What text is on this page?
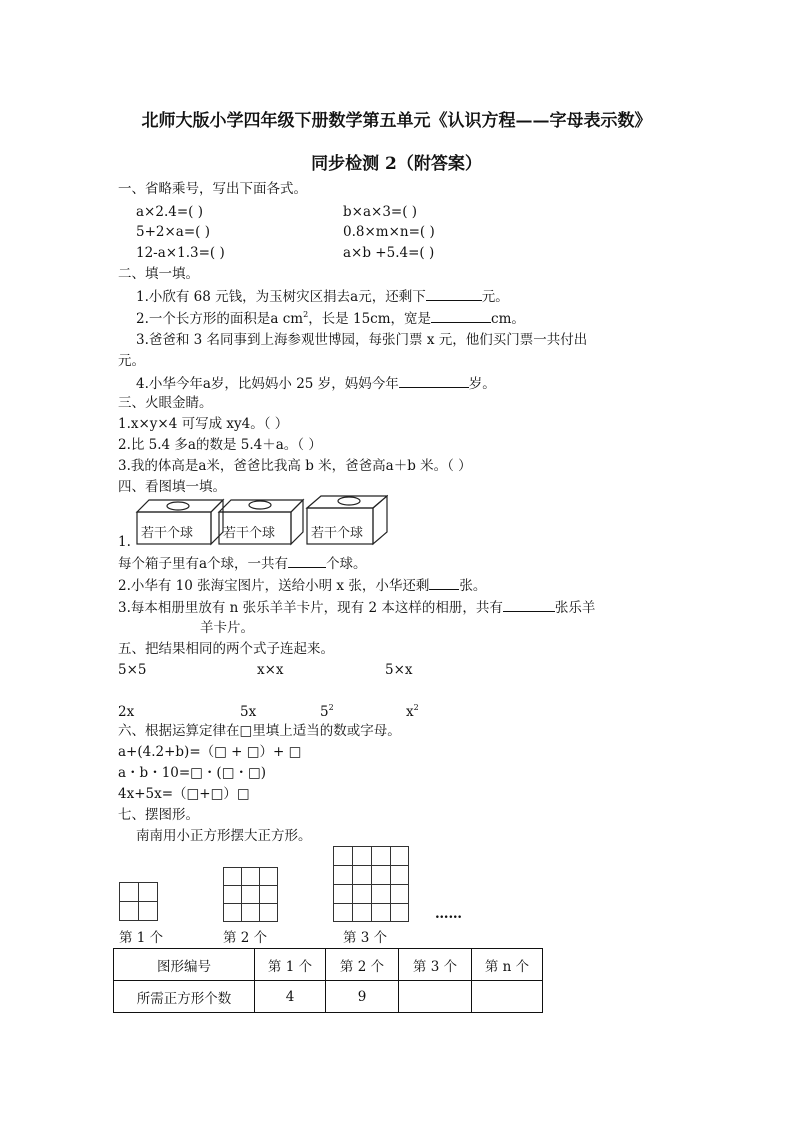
北师大版小学四年级下册数学第五单元《认识方程——字母表示数》
同步检测 2（附答案）
一、省略乘号，写出下面各式。
a×2.4=( )	b×a×3=( )
5+2×a=( )	0.8×m×n=( )
12-a×1.3=( )	a×b +5.4=( )
二、填一填。
1.小欣有 68 元钱，为玉树灾区捐去a元，还剩下	元。
2.一个长方形的面积是a $cm^2$，长是 15cm，宽是	cm。
3.爸爸和 3 名同事到上海参观世博园，每张门票 x 元，他们买门票一共付出
元。
4.小华今年a岁，比妈妈小 25 岁，妈妈今年	岁。
三、火眼金睛。
1.x×y×4 可写成 xy4。（ ）
2.比 5.4 多a的数是 5.4＋a。（ ）
3.我的体高是a米，爸爸比我高 b 米，爸爸高a＋b 米。（ ）
四、看图填一填。
1.
若干个球 若干个球	若干个球
每个箱子里有a个球，一共有	个球。
2.小华有 10 张海宝图片，送给小明 x 张，小华还剩 张。
3.每本相册里放有 n 张乐羊羊卡片，现有 2 本这样的相册，共有	张乐羊
羊卡片。
五、把结果相同的两个式子连起来。
5×5	x×x	5×x
2x	5x	$5^2$	$x^2$
六、根据运算定律在□里填上适当的数或字母。
a+(4.2+b)=（□ + □）+ □
a・b・10=□・(□・□)
4x+5x=（□+□）□
七、摆图形。
南南用小正方形摆大正方形。
……
第 1 个	第 2 个	第 3 个
图形编号	第 1 个	第 2 个	第 3 个	第 n 个
所需正方形个数	4	9		
